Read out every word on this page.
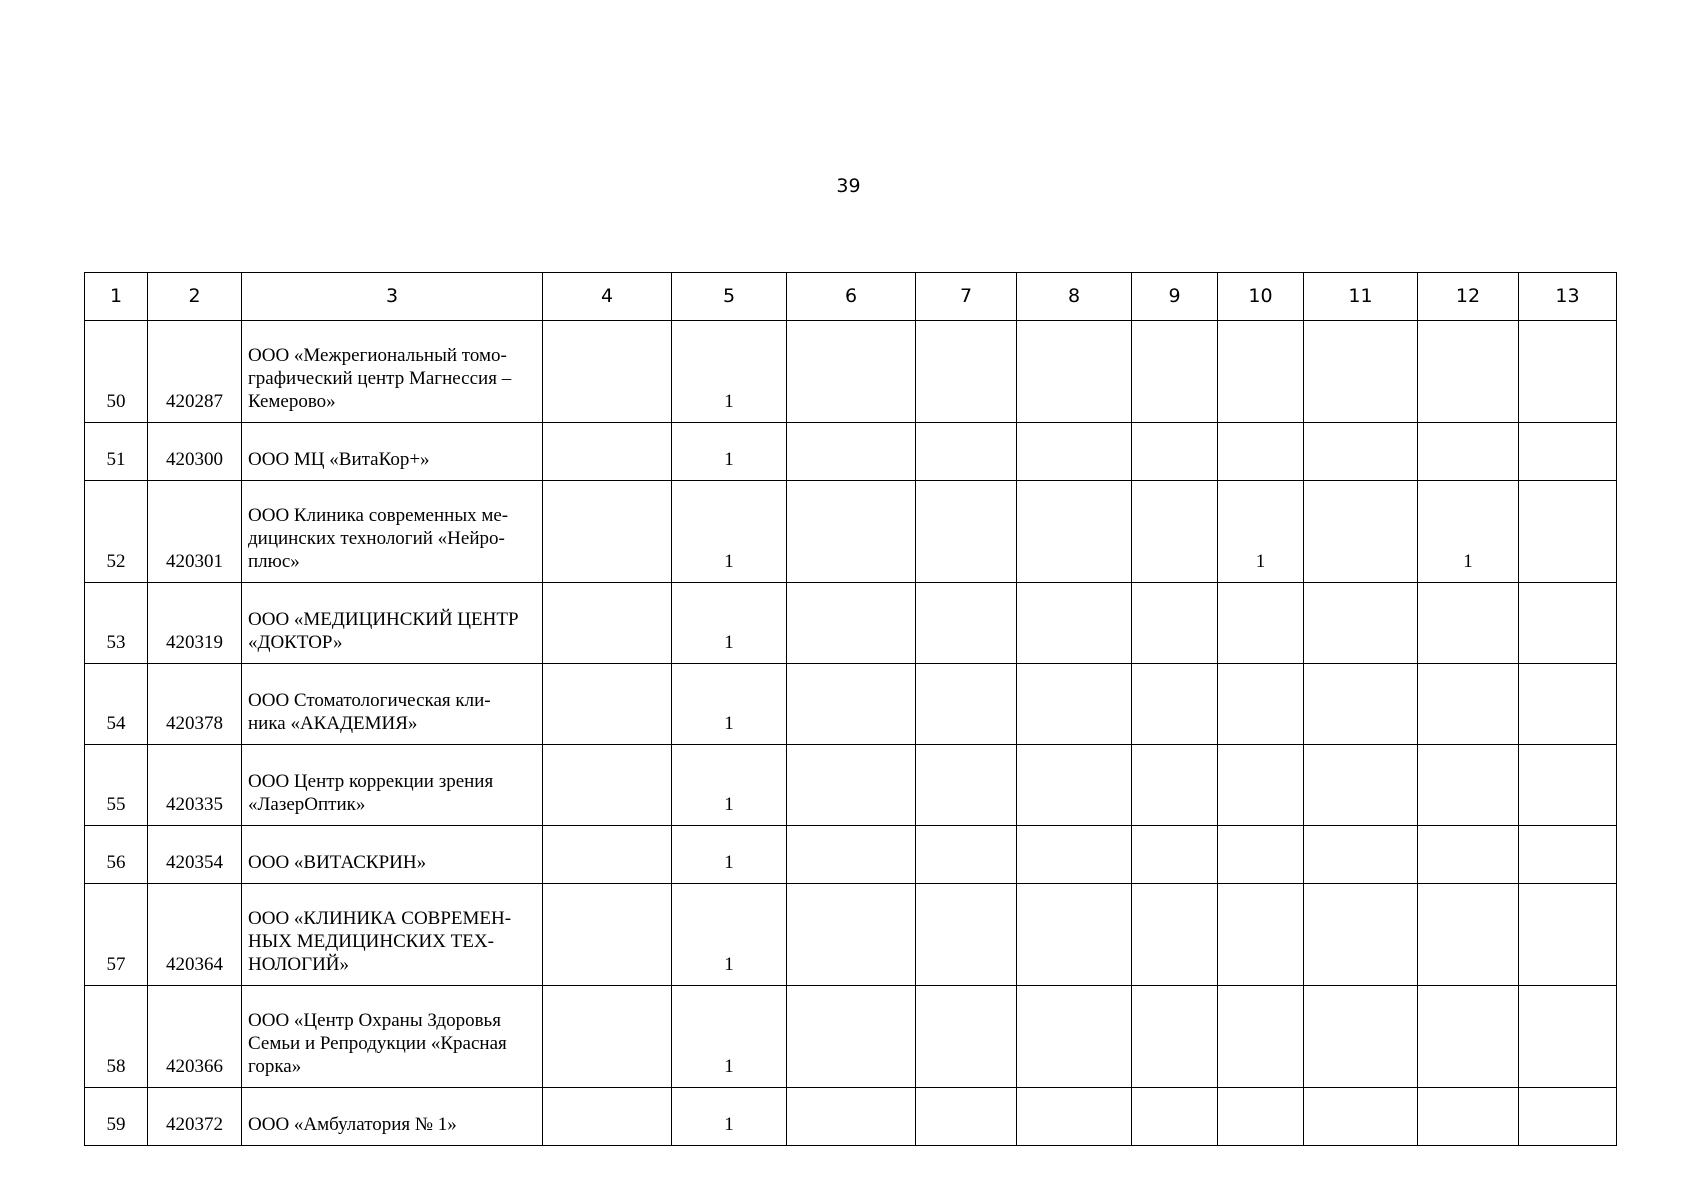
39
1	2	3	4	5	6	7	8	9	10	11	12	13
50	420287	ООО «Межрегиональный томо-
графический центр Магнессия –
Кемерово»		1								
51	420300	ООО МЦ «ВитаКор+»		1								
52	420301	ООО Клиника современных ме-
дицинских технологий «Нейро-
плюс»		1					1		1	
53	420319	ООО «МЕДИЦИНСКИЙ ЦЕНТР
«ДОКТОР»		1								
54	420378	ООО Стоматологическая кли-
ника «АКАДЕМИЯ»		1								
55	420335	ООО Центр коррекции зрения
«ЛазерОптик»		1								
56	420354	ООО «ВИТАСКРИН»		1								
57	420364	ООО «КЛИНИКА СОВРЕМЕН-
НЫХ МЕДИЦИНСКИХ ТЕХ-
НОЛОГИЙ»		1								
58	420366	ООО «Центр Охраны Здоровья
Семьи и Репродукции «Красная
горка»		1								
59	420372	ООО «Амбулатория № 1»		1								
